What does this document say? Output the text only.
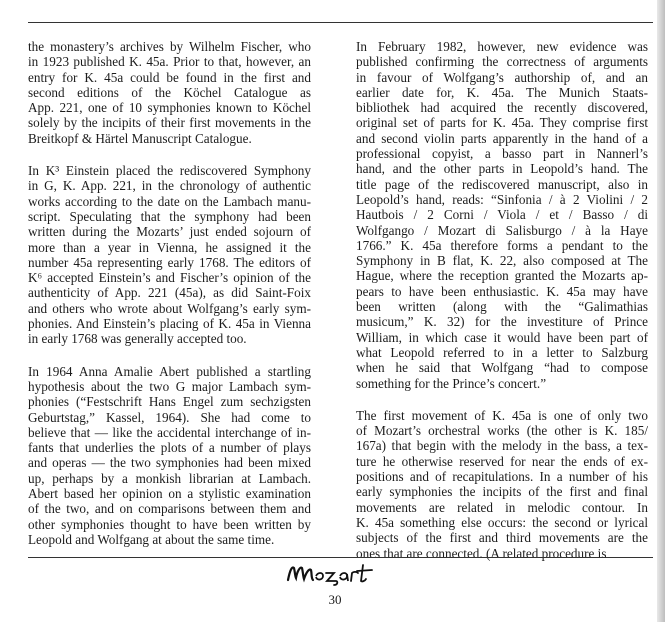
the monastery’s archives by Wilhelm Fischer, who
in 1923 published K. 45a. Prior to that, however, an
entry for K. 45a could be found in the first and
second editions of the Köchel Catalogue as
App. 221, one of 10 symphonies known to Köchel
solely by the incipits of their first movements in the
Breitkopf & Härtel Manuscript Catalogue.
In K³ Einstein placed the rediscovered Symphony
in G, K. App. 221, in the chronology of authentic
works according to the date on the Lambach manu-
script. Speculating that the symphony had been
written during the Mozarts’ just ended sojourn of
more than a year in Vienna, he assigned it the
number 45a representing early 1768. The editors of
K⁶ accepted Einstein’s and Fischer’s opinion of the
authenticity of App. 221 (45a), as did Saint-Foix
and others who wrote about Wolfgang’s early sym-
phonies. And Einstein’s placing of K. 45a in Vienna
in early 1768 was generally accepted too.
In 1964 Anna Amalie Abert published a startling
hypothesis about the two G major Lambach sym-
phonies (“Festschrift Hans Engel zum sechzigsten
Geburtstag,” Kassel, 1964). She had come to
believe that — like the accidental interchange of in-
fants that underlies the plots of a number of plays
and operas — the two symphonies had been mixed
up, perhaps by a monkish librarian at Lambach.
Abert based her opinion on a stylistic examination
of the two, and on comparisons between them and
other symphonies thought to have been written by
Leopold and Wolfgang at about the same time.
In February 1982, however, new evidence was
published confirming the correctness of arguments
in favour of Wolfgang’s authorship of, and an
earlier date for, K. 45a. The Munich Staats-
bibliothek had acquired the recently discovered,
original set of parts for K. 45a. They comprise first
and second violin parts apparently in the hand of a
professional copyist, a basso part in Nannerl’s
hand, and the other parts in Leopold’s hand. The
title page of the rediscovered manuscript, also in
Leopold’s hand, reads: “Sinfonia / à 2 Violini / 2
Hautbois / 2 Corni / Viola / et / Basso / di
Wolfgango / Mozart di Salisburgo / à la Haye
1766.” K. 45a therefore forms a pendant to the
Symphony in B flat, K. 22, also composed at The
Hague, where the reception granted the Mozarts ap-
pears to have been enthusiastic. K. 45a may have
been written (along with the “Galimathias
musicum,” K. 32) for the investiture of Prince
William, in which case it would have been part of
what Leopold referred to in a letter to Salzburg
when he said that Wolfgang “had to compose
something for the Prince’s concert.”
The first movement of K. 45a is one of only two
of Mozart’s orchestral works (the other is K. 185/
167a) that begin with the melody in the bass, a tex-
ture he otherwise reserved for near the ends of ex-
positions and of recapitulations. In a number of his
early symphonies the incipits of the first and final
movements are related in melodic contour. In
K. 45a something else occurs: the second or lyrical
subjects of the first and third movements are the
ones that are connected. (A related procedure is
30
